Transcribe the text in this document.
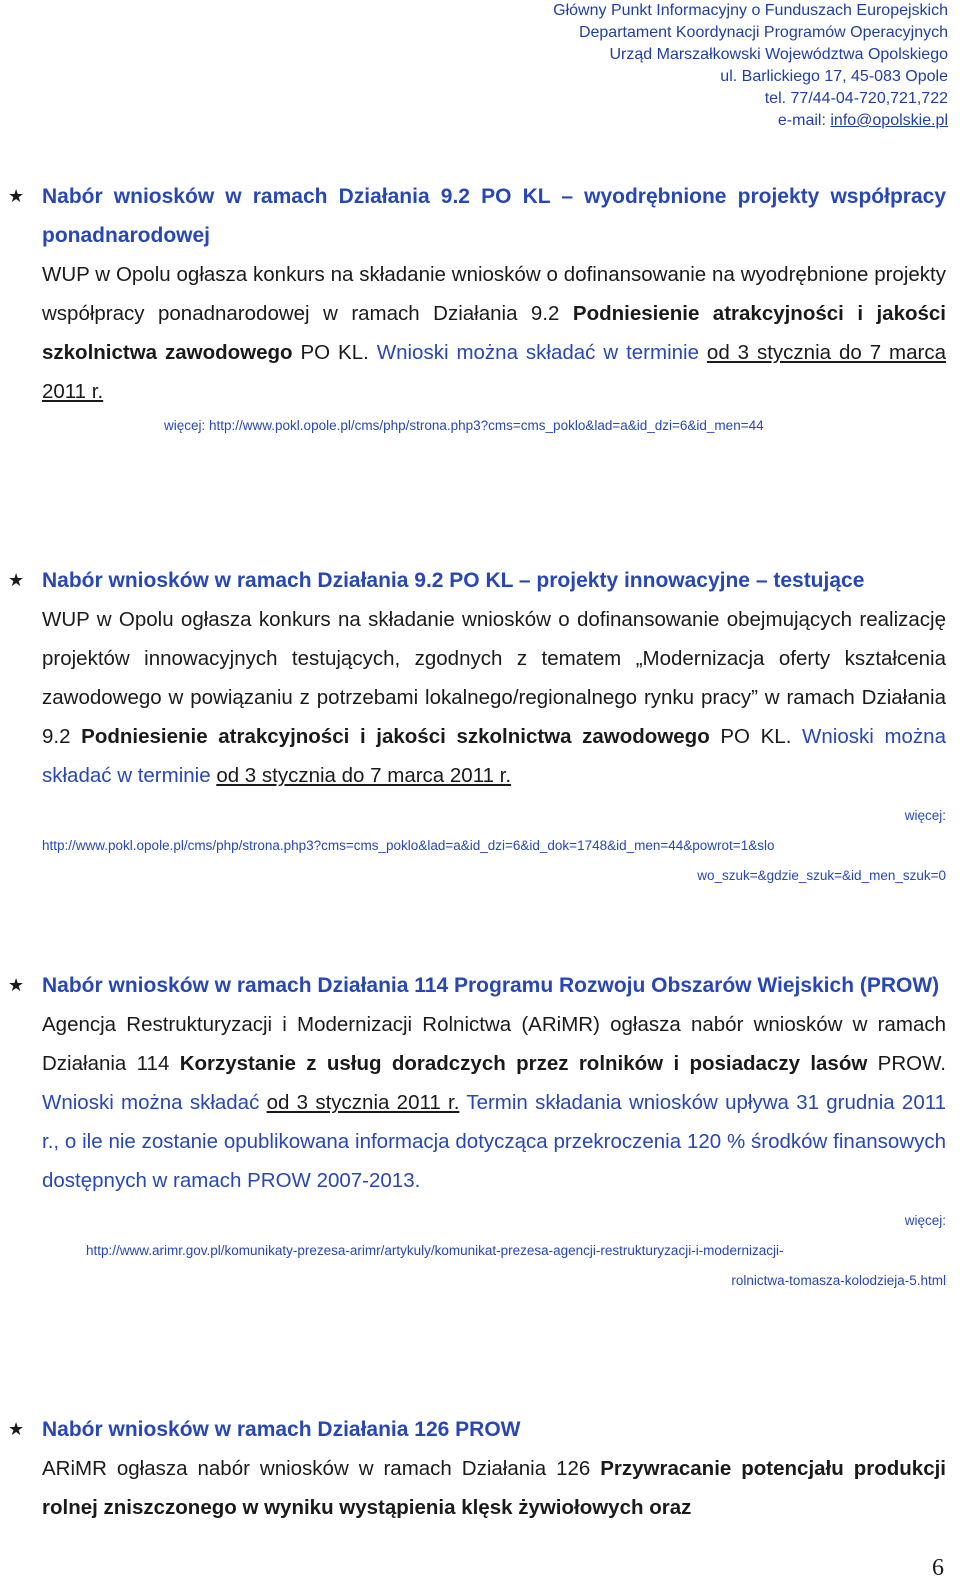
Główny Punkt Informacyjny o Funduszach Europejskich
Departament Koordynacji Programów Operacyjnych
Urząd Marszałkowski Województwa Opolskiego
ul. Barlickiego 17, 45-083 Opole
tel. 77/44-04-720,721,722
e-mail: info@opolskie.pl

★ Nabór wniosków w ramach Działania 9.2 PO KL – wyodrębnione projekty współpracy ponadnarodowej

WUP w Opolu ogłasza konkurs na składanie wniosków o dofinansowanie na wyodrębnione projekty współpracy ponadnarodowej w ramach Działania 9.2 Podniesienie atrakcyjności i jakości szkolnictwa zawodowego PO KL. Wnioski można składać w terminie od 3 stycznia do 7 marca 2011 r.

więcej: http://www.pokl.opole.pl/cms/php/strona.php3?cms=cms_poklo&lad=a&id_dzi=6&id_men=44

★ Nabór wniosków w ramach Działania 9.2 PO KL – projekty innowacyjne – testujące

WUP w Opolu ogłasza konkurs na składanie wniosków o dofinansowanie obejmujących realizację projektów innowacyjnych testujących, zgodnych z tematem „Modernizacja oferty kształcenia zawodowego w powiązaniu z potrzebami lokalnego/regionalnego rynku pracy” w ramach Działania 9.2 Podniesienie atrakcyjności i jakości szkolnictwa zawodowego PO KL. Wnioski można składać w terminie od 3 stycznia do 7 marca 2011 r.

więcej:
http://www.pokl.opole.pl/cms/php/strona.php3?cms=cms_poklo&lad=a&id_dzi=6&id_dok=1748&id_men=44&powrot=1&slo
wo_szuk=&gdzie_szuk=&id_men_szuk=0

★ Nabór wniosków w ramach Działania 114 Programu Rozwoju Obszarów Wiejskich (PROW)

Agencja Restrukturyzacji i Modernizacji Rolnictwa (ARiMR) ogłasza nabór wniosków w ramach Działania 114 Korzystanie z usług doradczych przez rolników i posiadaczy lasów PROW. Wnioski można składać od 3 stycznia 2011 r. Termin składania wniosków upływa 31 grudnia 2011 r., o ile nie zostanie opublikowana informacja dotycząca przekroczenia 120 % środków finansowych dostępnych w ramach PROW 2007-2013.

więcej:
http://www.arimr.gov.pl/komunikaty-prezesa-arimr/artykuly/komunikat-prezesa-agencji-restrukturyzacji-i-modernizacji-
rolnictwa-tomasza-kolodzieja-5.html

★ Nabór wniosków w ramach Działania 126 PROW

ARiMR ogłasza nabór wniosków w ramach Działania 126 Przywracanie potencjału produkcji rolnej zniszczonego w wyniku wystąpienia klęsk żywiołowych oraz

6
